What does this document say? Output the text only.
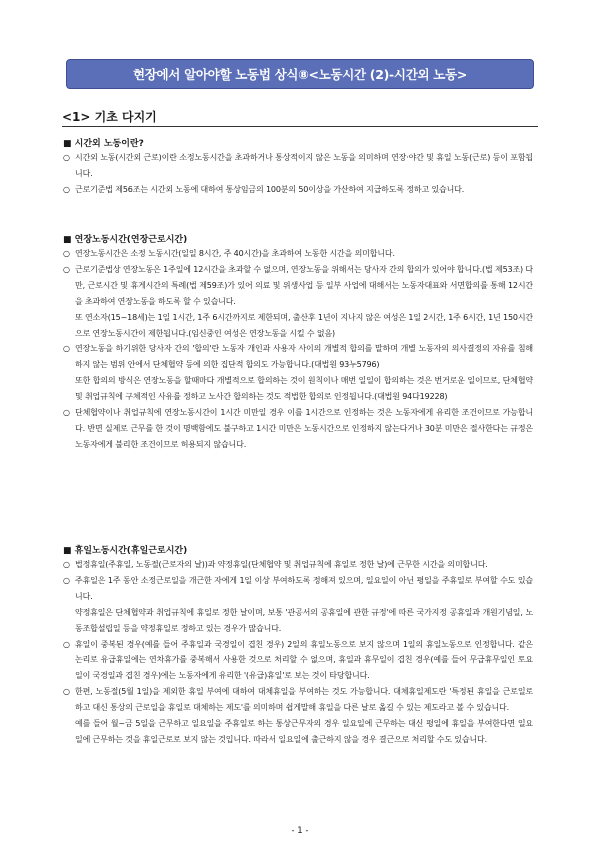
현장에서 알아야할 노동법 상식⑧<노동시간 (2)-시간외 노동>
<1> 기초 다지기
■ 시간외 노동이란?
○ 시간외 노동(시간외 근로)이란 소정노동시간을 초과하거나 통상적이지 않은 노동을 의미하며 연장·야간 및 휴일 노동(근로) 등이 포함됩니다.
○ 근로기준법 제56조는 시간외 노동에 대하여 통상임금의 100분의 50이상을 가산하여 지급하도록 정하고 있습니다.
■ 연장노동시간(연장근로시간)
○ 연장노동시간은 소정 노동시간(일일 8시간, 주 40시간)을 초과하여 노동한 시간을 의미합니다.
○ 근로기준법상 연장노동은 1주일에 12시간을 초과할 수 없으며, 연장노동을 위해서는 당사자 간의 합의가 있어야 합니다.(법 제53조) 다만, 근로시간 및 휴게시간의 특례(법 제59조)가 있어 의료 및 위생사업 등 일부 사업에 대해서는 노동자대표와 서면합의를 통해 12시간을 초과하여 연장노동을 하도록 할 수 있습니다.
또 연소자(15~18세)는 1일 1시간, 1주 6시간까지로 제한되며, 출산후 1년이 지나지 않은 여성은 1일 2시간, 1주 6시간, 1년 150시간으로 연장노동시간이 제한됩니다.(임신중인 여성은 연장노동을 시킬 수 없음)
○ 연장노동을 하기위한 당사자 간의 '합의'란 노동자 개인과 사용자 사이의 개별적 합의를 말하며 개별 노동자의 의사결정의 자유를 침해하지 않는 범위 안에서 단체협약 등에 의한 집단적 합의도 가능합니다.(대법원 93누5796)
또한 합의의 방식은 연장노동을 할때마다 개별적으로 합의하는 것이 원칙이나 매번 일일이 합의하는 것은 번거로운 일이므로, 단체협약 및 취업규칙에 구체적인 사유를 정하고 노사간 합의하는 것도 적법한 합의로 인정됩니다.(대법원 94다19228)
○ 단체협약이나 취업규칙에 연장노동시간이 1시간 미만일 경우 이를 1시간으로 인정하는 것은 노동자에게 유리한 조건이므로 가능합니다. 반면 실제로 근무를 한 것이 명백함에도 불구하고 1시간 미만은 노동시간으로 인정하지 않는다거나 30분 미만은 절사한다는 규정은 노동자에게 불리한 조건이므로 허용되지 않습니다.
■ 휴일노동시간(휴일근로시간)
○ 법정휴일(주휴일, 노동절(근로자의 날))과 약정휴일(단체협약 및 취업규칙에 휴일로 정한 날)에 근무한 시간을 의미합니다.
○ 주휴일은 1주 동안 소정근로일을 개근한 자에게 1일 이상 부여하도록 정해져 있으며, 일요일이 아닌 평일을 주휴일로 부여할 수도 있습니다.
약정휴일은 단체협약과 취업규칙에 휴일로 정한 날이며, 보통 '관공서의 공휴일에 관한 규정'에 따른 국가지정 공휴일과 개원기념일, 노동조합설립일 등을 약정휴일로 정하고 있는 경우가 많습니다.
○ 휴일이 중복된 경우(예를 들어 주휴일과 국경일이 겹친 경우) 2일의 휴일노동으로 보지 않으며 1일의 휴일노동으로 인정합니다. 같은 논리로 유급휴일에는 연차휴가를 중복해서 사용한 것으로 처리할 수 없으며, 휴일과 휴무일이 겹친 경우(예를 들어 무급휴무일인 토요일이 국경일과 겹친 경우)에는 노동자에게 유리한 '(유급)휴일'로 보는 것이 타당합니다.
○ 한편, 노동절(5월 1일)을 제외한 휴일 부여에 대하여 대체휴일을 부여하는 것도 가능합니다. 대체휴일제도란 '특정된 휴일을 근로일로 하고 대신 통상의 근로일을 휴일로 대체하는 제도'를 의미하며 쉽게말해 휴일을 다른 날로 옮길 수 있는 제도라고 볼 수 있습니다.
예를 들어 월~금 5일을 근무하고 일요일을 주휴일로 하는 통상근무자의 경우 일요일에 근무하는 대신 평일에 휴일을 부여한다면 일요일에 근무하는 것을 휴일근로로 보지 않는 것입니다. 따라서 일요일에 출근하지 않을 경우 결근으로 처리할 수도 있습니다.
- 1 -
